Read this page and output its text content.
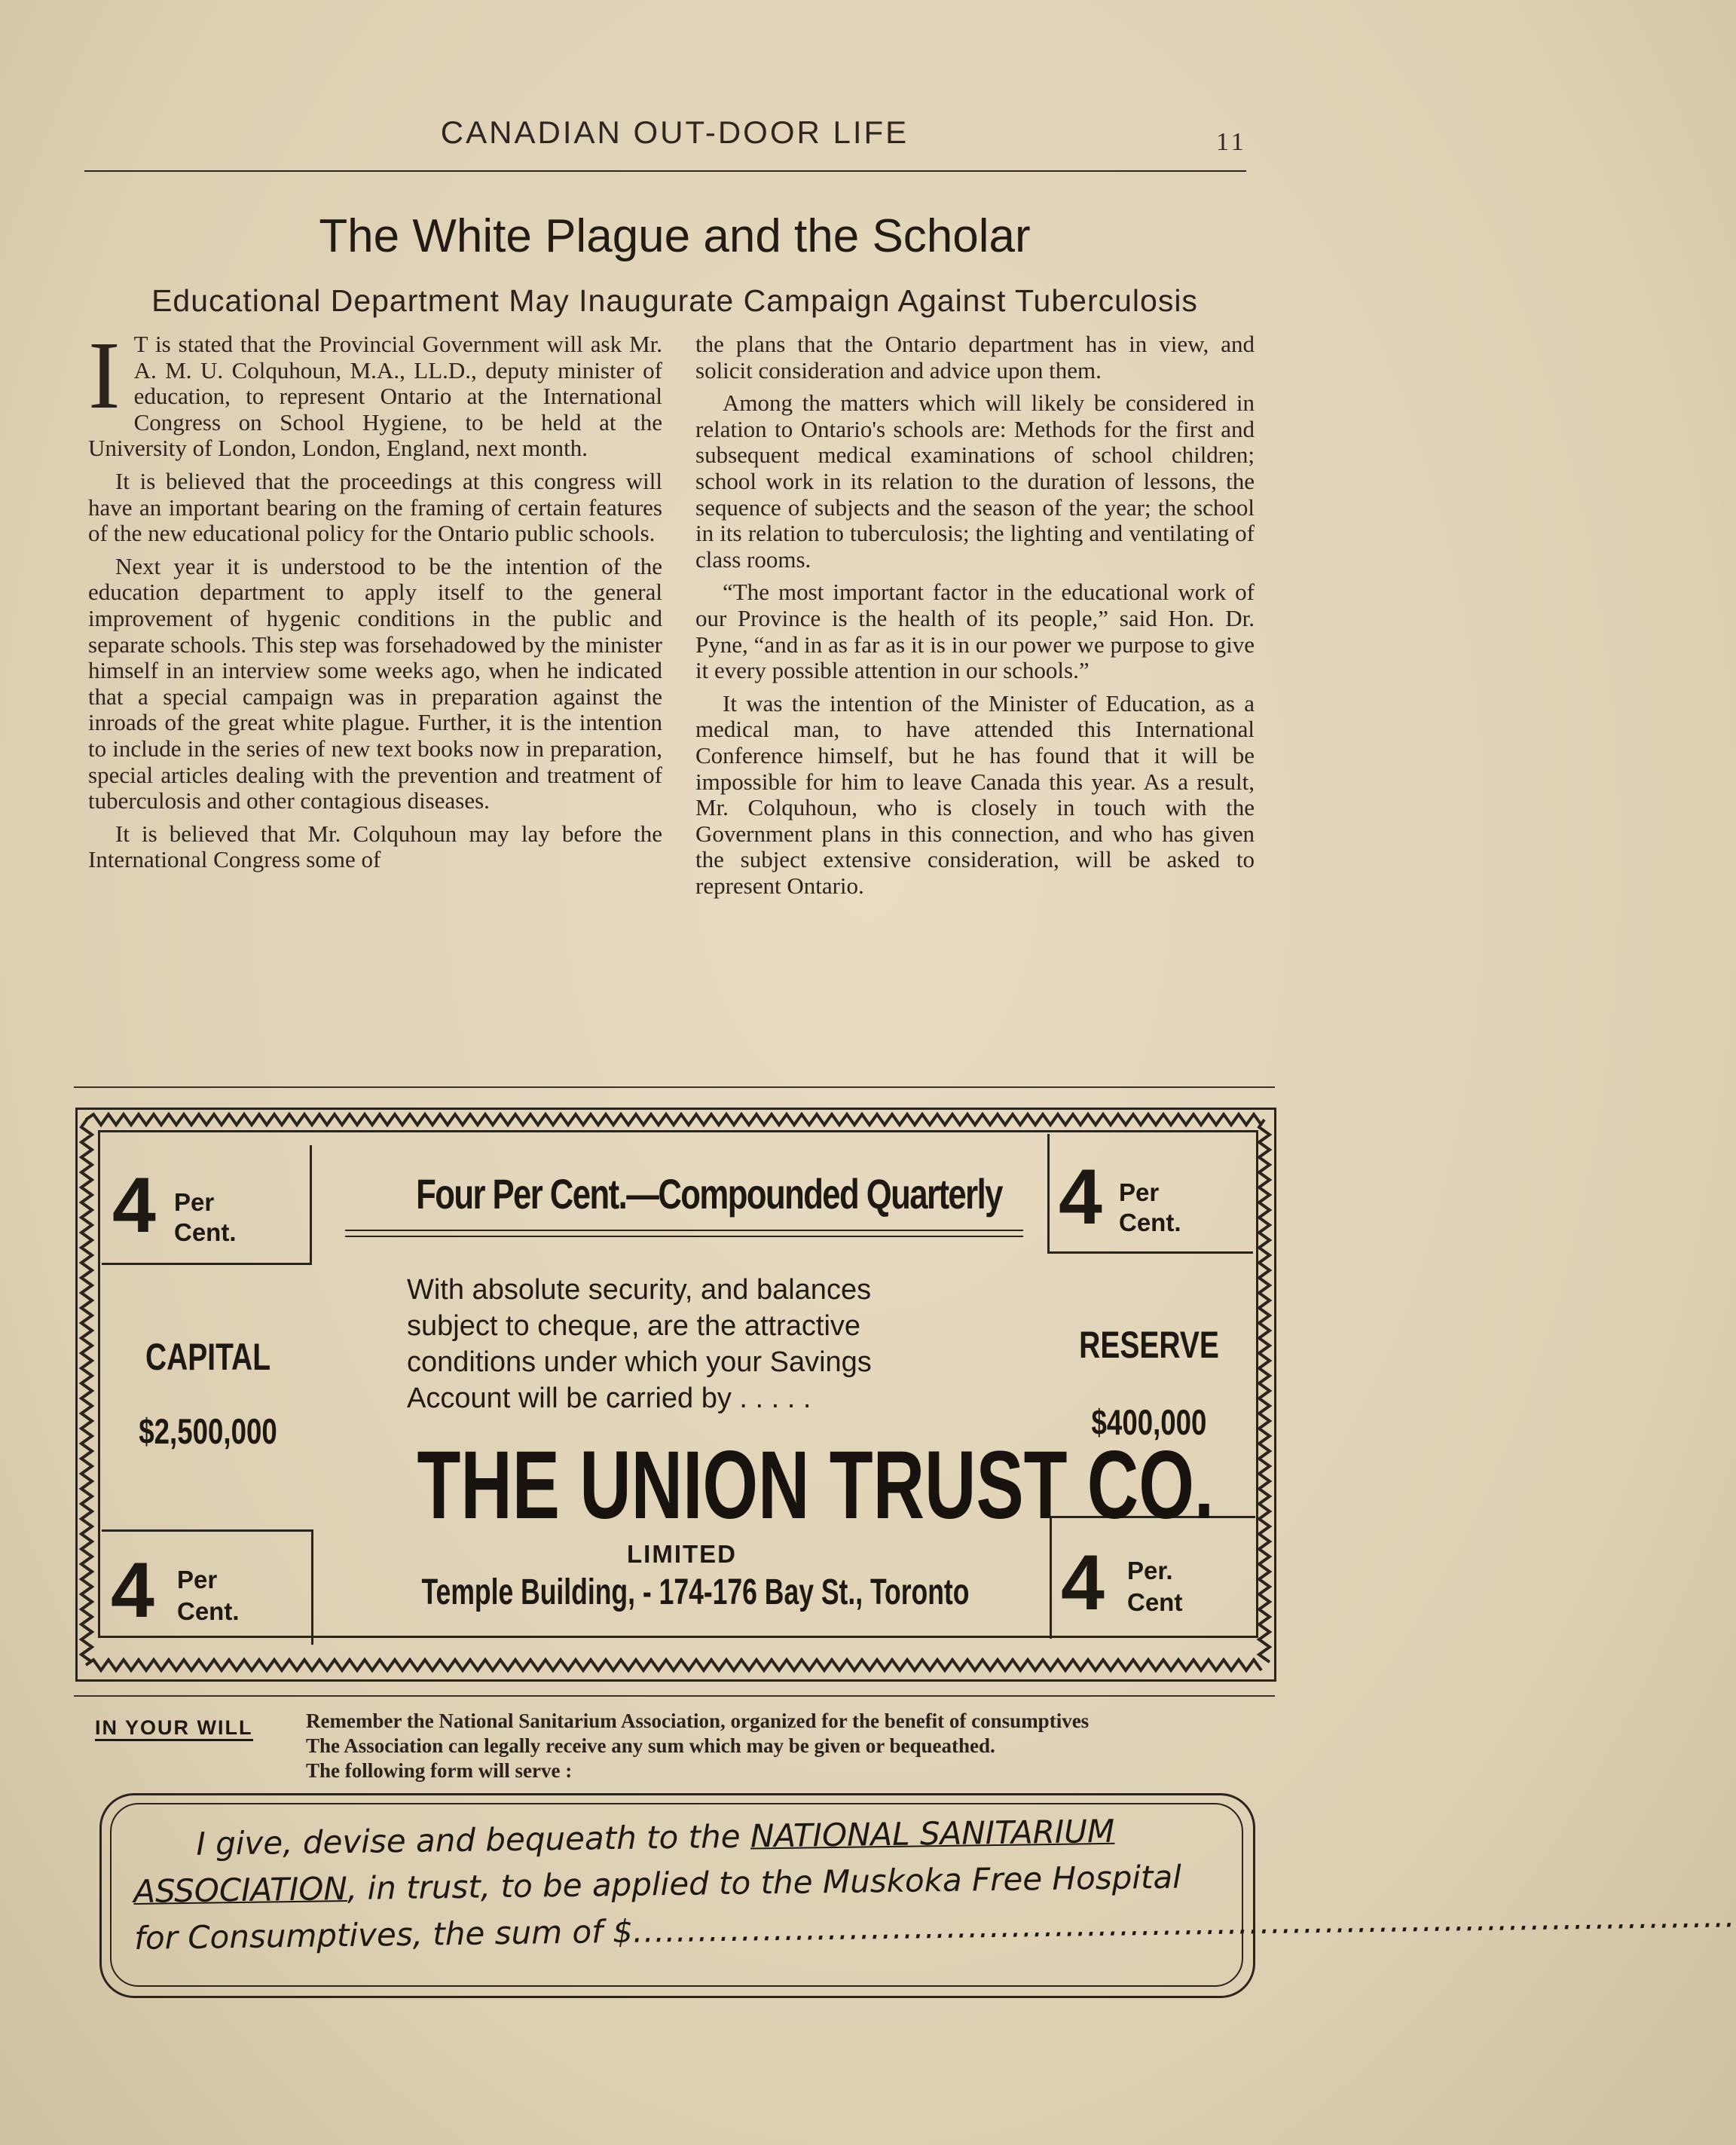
CANADIAN OUT-DOOR LIFE	11
The White Plague and the Scholar
Educational Department May Inaugurate Campaign Against Tuberculosis

I T is stated that the Provincial Government will ask Mr. A. M. U. Colquhoun, M.A., LL.D., deputy minister of education, to represent Ontario at the International Congress on School Hygiene, to be held at the University of London, London, England, next month.

It is believed that the proceedings at this congress will have an important bearing on the framing of certain features of the new educational policy for the Ontario public schools.

Next year it is understood to be the intention of the education department to apply itself to the general improvement of hygenic conditions in the public and separate schools. This step was forsehadowed by the minister himself in an interview some weeks ago, when he indicated that a special campaign was in preparation against the inroads of the great white plague. Further, it is the intention to include in the series of new text books now in preparation, special articles dealing with the prevention and treatment of tuberculosis and other contagious diseases.

It is believed that Mr. Colquhoun may lay before the International Congress some of

the plans that the Ontario department has in view, and solicit consideration and advice upon them.

Among the matters which will likely be considered in relation to Ontario's schools are: Methods for the first and subsequent medical examinations of school children; school work in its relation to the duration of lessons, the sequence of subjects and the season of the year; the school in its relation to tuberculosis; the lighting and ventilating of class rooms.

“The most important factor in the educational work of our Province is the health of its people,” said Hon. Dr. Pyne, “and in as far as it is in our power we purpose to give it every possible attention in our schools.”

It was the intention of the Minister of Education, as a medical man, to have attended this International Conference himself, but he has found that it will be impossible for him to leave Canada this year. As a result, Mr. Colquhoun, who is closely in touch with the Government plans in this connection, and who has given the subject extensive consideration, will be asked to represent Ontario.

4 Per
Cent.	4 Per
Cent.
4 Per
Cent.	4 Per.
Cent
Four Per Cent.—Compounded Quarterly
CAPITAL
$2,500,000
RESERVE
$400,000
With absolute security, and balances
subject to cheque, are the attractive
conditions under which your Savings
Account will be carried by . . . . .
THE UNION TRUST CO.
LIMITED
Temple Building, - 174-176 Bay St., Toronto
IN YOUR WILL	Remember the National Sanitarium Association, organized for the benefit of consumptives
The Association can legally receive any sum which may be given or bequeathed.
The following form will serve :
I give, devise and bequeath to the NATIONAL SANITARIUM
ASSOCIATION, in trust, to be applied to the Muskoka Free Hospital
for Consumptives, the sum of $......................................................................................................
